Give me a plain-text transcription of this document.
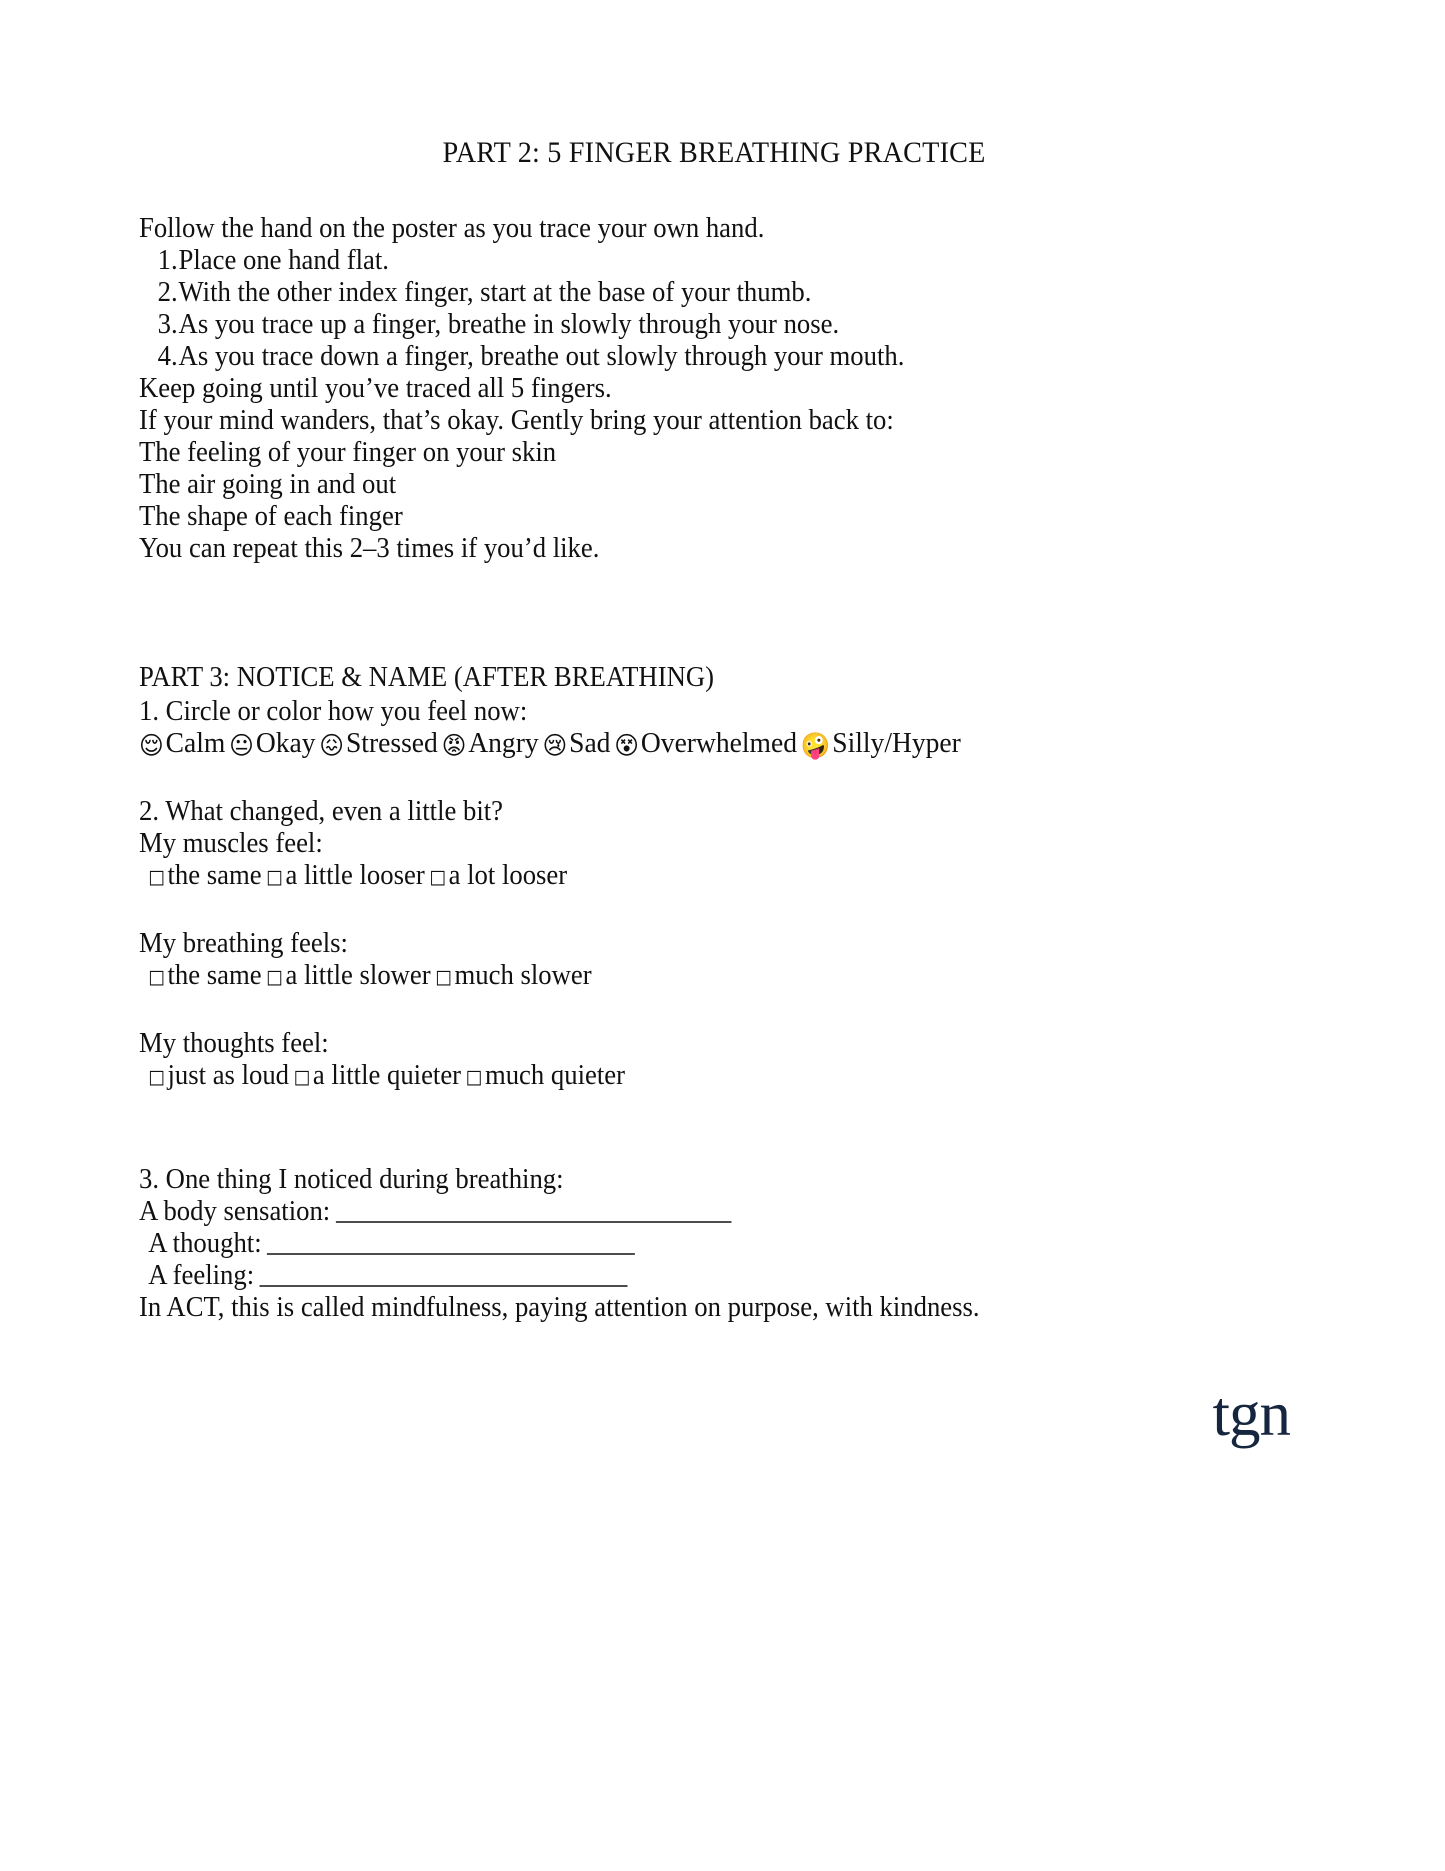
PART 2: 5 FINGER BREATHING PRACTICE
Follow the hand on the poster as you trace your own hand.
1.Place one hand flat.
2.With the other index finger, start at the base of your thumb.
3.As you trace up a finger, breathe in slowly through your nose.
4.As you trace down a finger, breathe out slowly through your mouth.
Keep going until you’ve traced all 5 fingers.
If your mind wanders, that’s okay. Gently bring your attention back to:
The feeling of your finger on your skin
The air going in and out
The shape of each finger
You can repeat this 2–3 times if you’d like.
PART 3: NOTICE & NAME (AFTER BREATHING)
1. Circle or color how you feel now:
😌Calm 😐Okay 😖Stressed 😡Angry 😢Sad 😵Overwhelmed 🤪Silly/Hyper
2. What changed, even a little bit?
My muscles feel:
□the same □a little looser □a lot looser
My breathing feels:
□the same □a little slower □much slower
My thoughts feel:
□just as loud □a little quieter □much quieter
3. One thing I noticed during breathing:
A body sensation:
A thought:
A feeling:
In ACT, this is called mindfulness, paying attention on purpose, with kindness.
tgn
